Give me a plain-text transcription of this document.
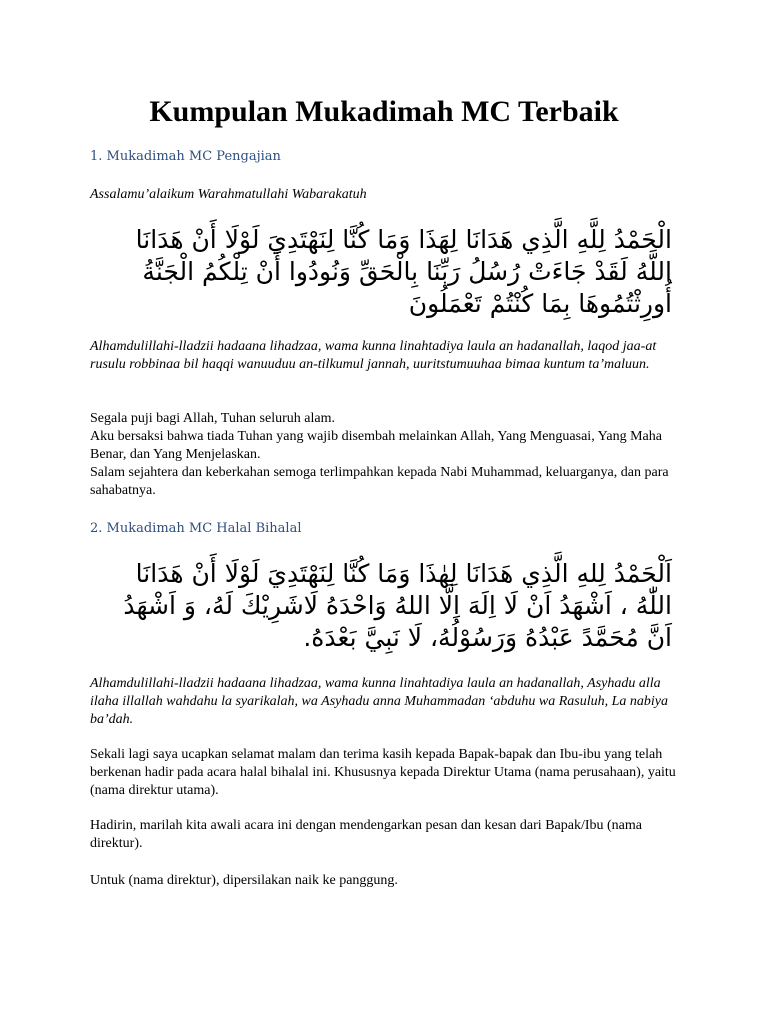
Kumpulan Mukadimah MC Terbaik
1. Mukadimah MC Pengajian
Assalamu’alaikum Warahmatullahi Wabarakatuh
الْحَمْدُ لِلَّهِ الَّذِي هَدَانَا لِهَذَا وَمَا كُنَّا لِنَهْتَدِيَ لَوْلَا أَنْ هَدَانَا
اللَّهُ لَقَدْ جَاءَتْ رُسُلُ رَبِّنَا بِالْحَقِّ وَنُودُوا أَنْ تِلْكُمُ الْجَنَّةُ
أُورِثْتُمُوهَا بِمَا كُنْتُمْ تَعْمَلُونَ

Alhamdulillahi-lladzii hadaana lihadzaa, wama kunna linahtadiya laula an hadanallah, laqod jaa-at rusulu robbinaa bil haqqi wanuuduu an-tilkumul jannah, uuritstumuuhaa bimaa kuntum ta’maluun.

Segala puji bagi Allah, Tuhan seluruh alam.

Aku bersaksi bahwa tiada Tuhan yang wajib disembah melainkan Allah, Yang Menguasai, Yang Maha Benar, dan Yang Menjelaskan.

Salam sejahtera dan keberkahan semoga terlimpahkan kepada Nabi Muhammad, keluarganya, dan para sahabatnya.

2. Mukadimah MC Halal Bihalal
اَلْحَمْدُ لِلهِ الَّذِي هَدَانَا لِهٰذَا وَمَا كُنَّا لِنَهْتَدِيَ لَوْلَا أَنْ هَدَانَا
اللّٰهُ ، اَشْهَدُ اَنْ لَا اِلَهَ اِلَّا اللهُ وَاحْدَهُ لَاشَرِيْكَ لَهُ، وَ اَشْهَدُ
اَنَّ مُحَمَّدً عَبْدُهُ وَرَسُوْلُهُ، لَا نَبِيَّ بَعْدَهُ.

Alhamdulillahi-lladzii hadaana lihadzaa, wama kunna linahtadiya laula an hadanallah, Asyhadu alla ilaha illallah wahdahu la syarikalah, wa Asyhadu anna Muhammadan ‘abduhu wa Rasuluh, La nabiya ba’dah.

Sekali lagi saya ucapkan selamat malam dan terima kasih kepada Bapak-bapak dan Ibu-ibu yang telah berkenan hadir pada acara halal bihalal ini. Khususnya kepada Direktur Utama (nama perusahaan), yaitu (nama direktur utama).
Hadirin, marilah kita awali acara ini dengan mendengarkan pesan dan kesan dari Bapak/Ibu (nama direktur).
Untuk (nama direktur), dipersilakan naik ke panggung.
